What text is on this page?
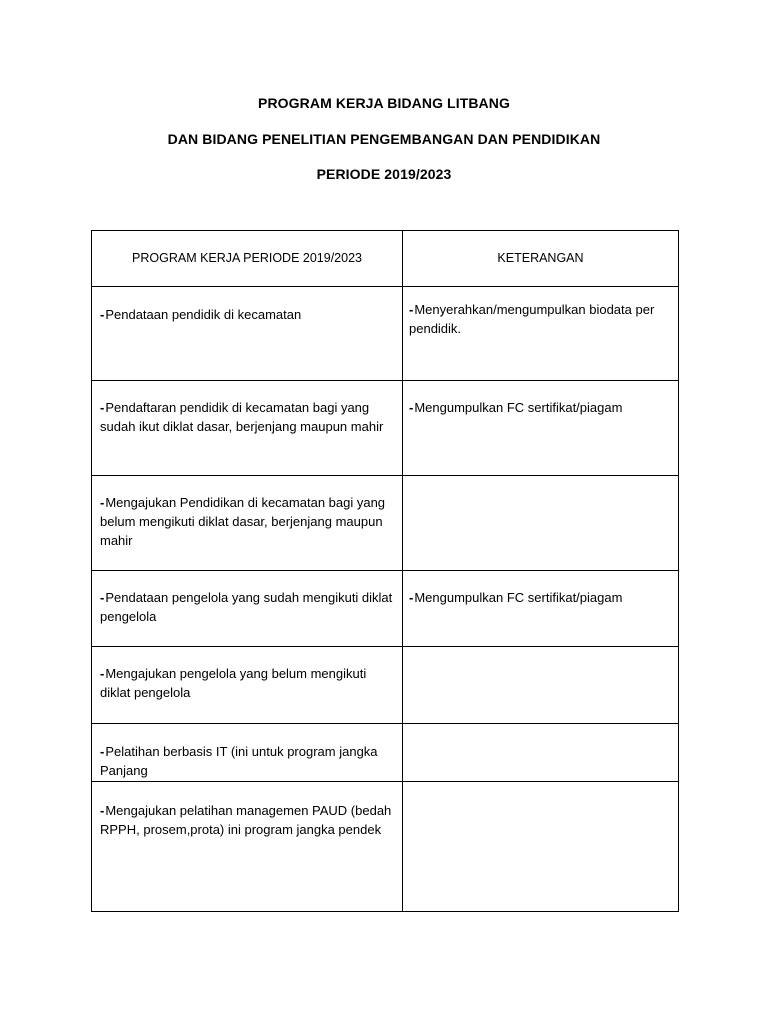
PROGRAM KERJA BIDANG LITBANG
DAN BIDANG PENELITIAN PENGEMBANGAN DAN PENDIDIKAN
PERIODE 2019/2023
PROGRAM KERJA PERIODE 2019/2023	KETERANGAN

-Pendataan pendidik di kecamatan	-Menyerahkan/mengumpulkan biodata per pendidik.

-Pendaftaran pendidik di kecamatan bagi yang sudah ikut diklat dasar, berjenjang maupun mahir	-Mengumpulkan FC sertifikat/piagam

-Mengajukan Pendidikan di kecamatan bagi yang belum mengikuti diklat dasar, berjenjang maupun mahir	

-Pendataan pengelola yang sudah mengikuti diklat pengelola	-Mengumpulkan FC sertifikat/piagam

-Mengajukan pengelola yang belum mengikuti diklat pengelola	

-Pelatihan berbasis IT (ini untuk program jangka Panjang	

-Mengajukan pelatihan managemen PAUD (bedah RPPH, prosem,prota) ini program jangka pendek	
